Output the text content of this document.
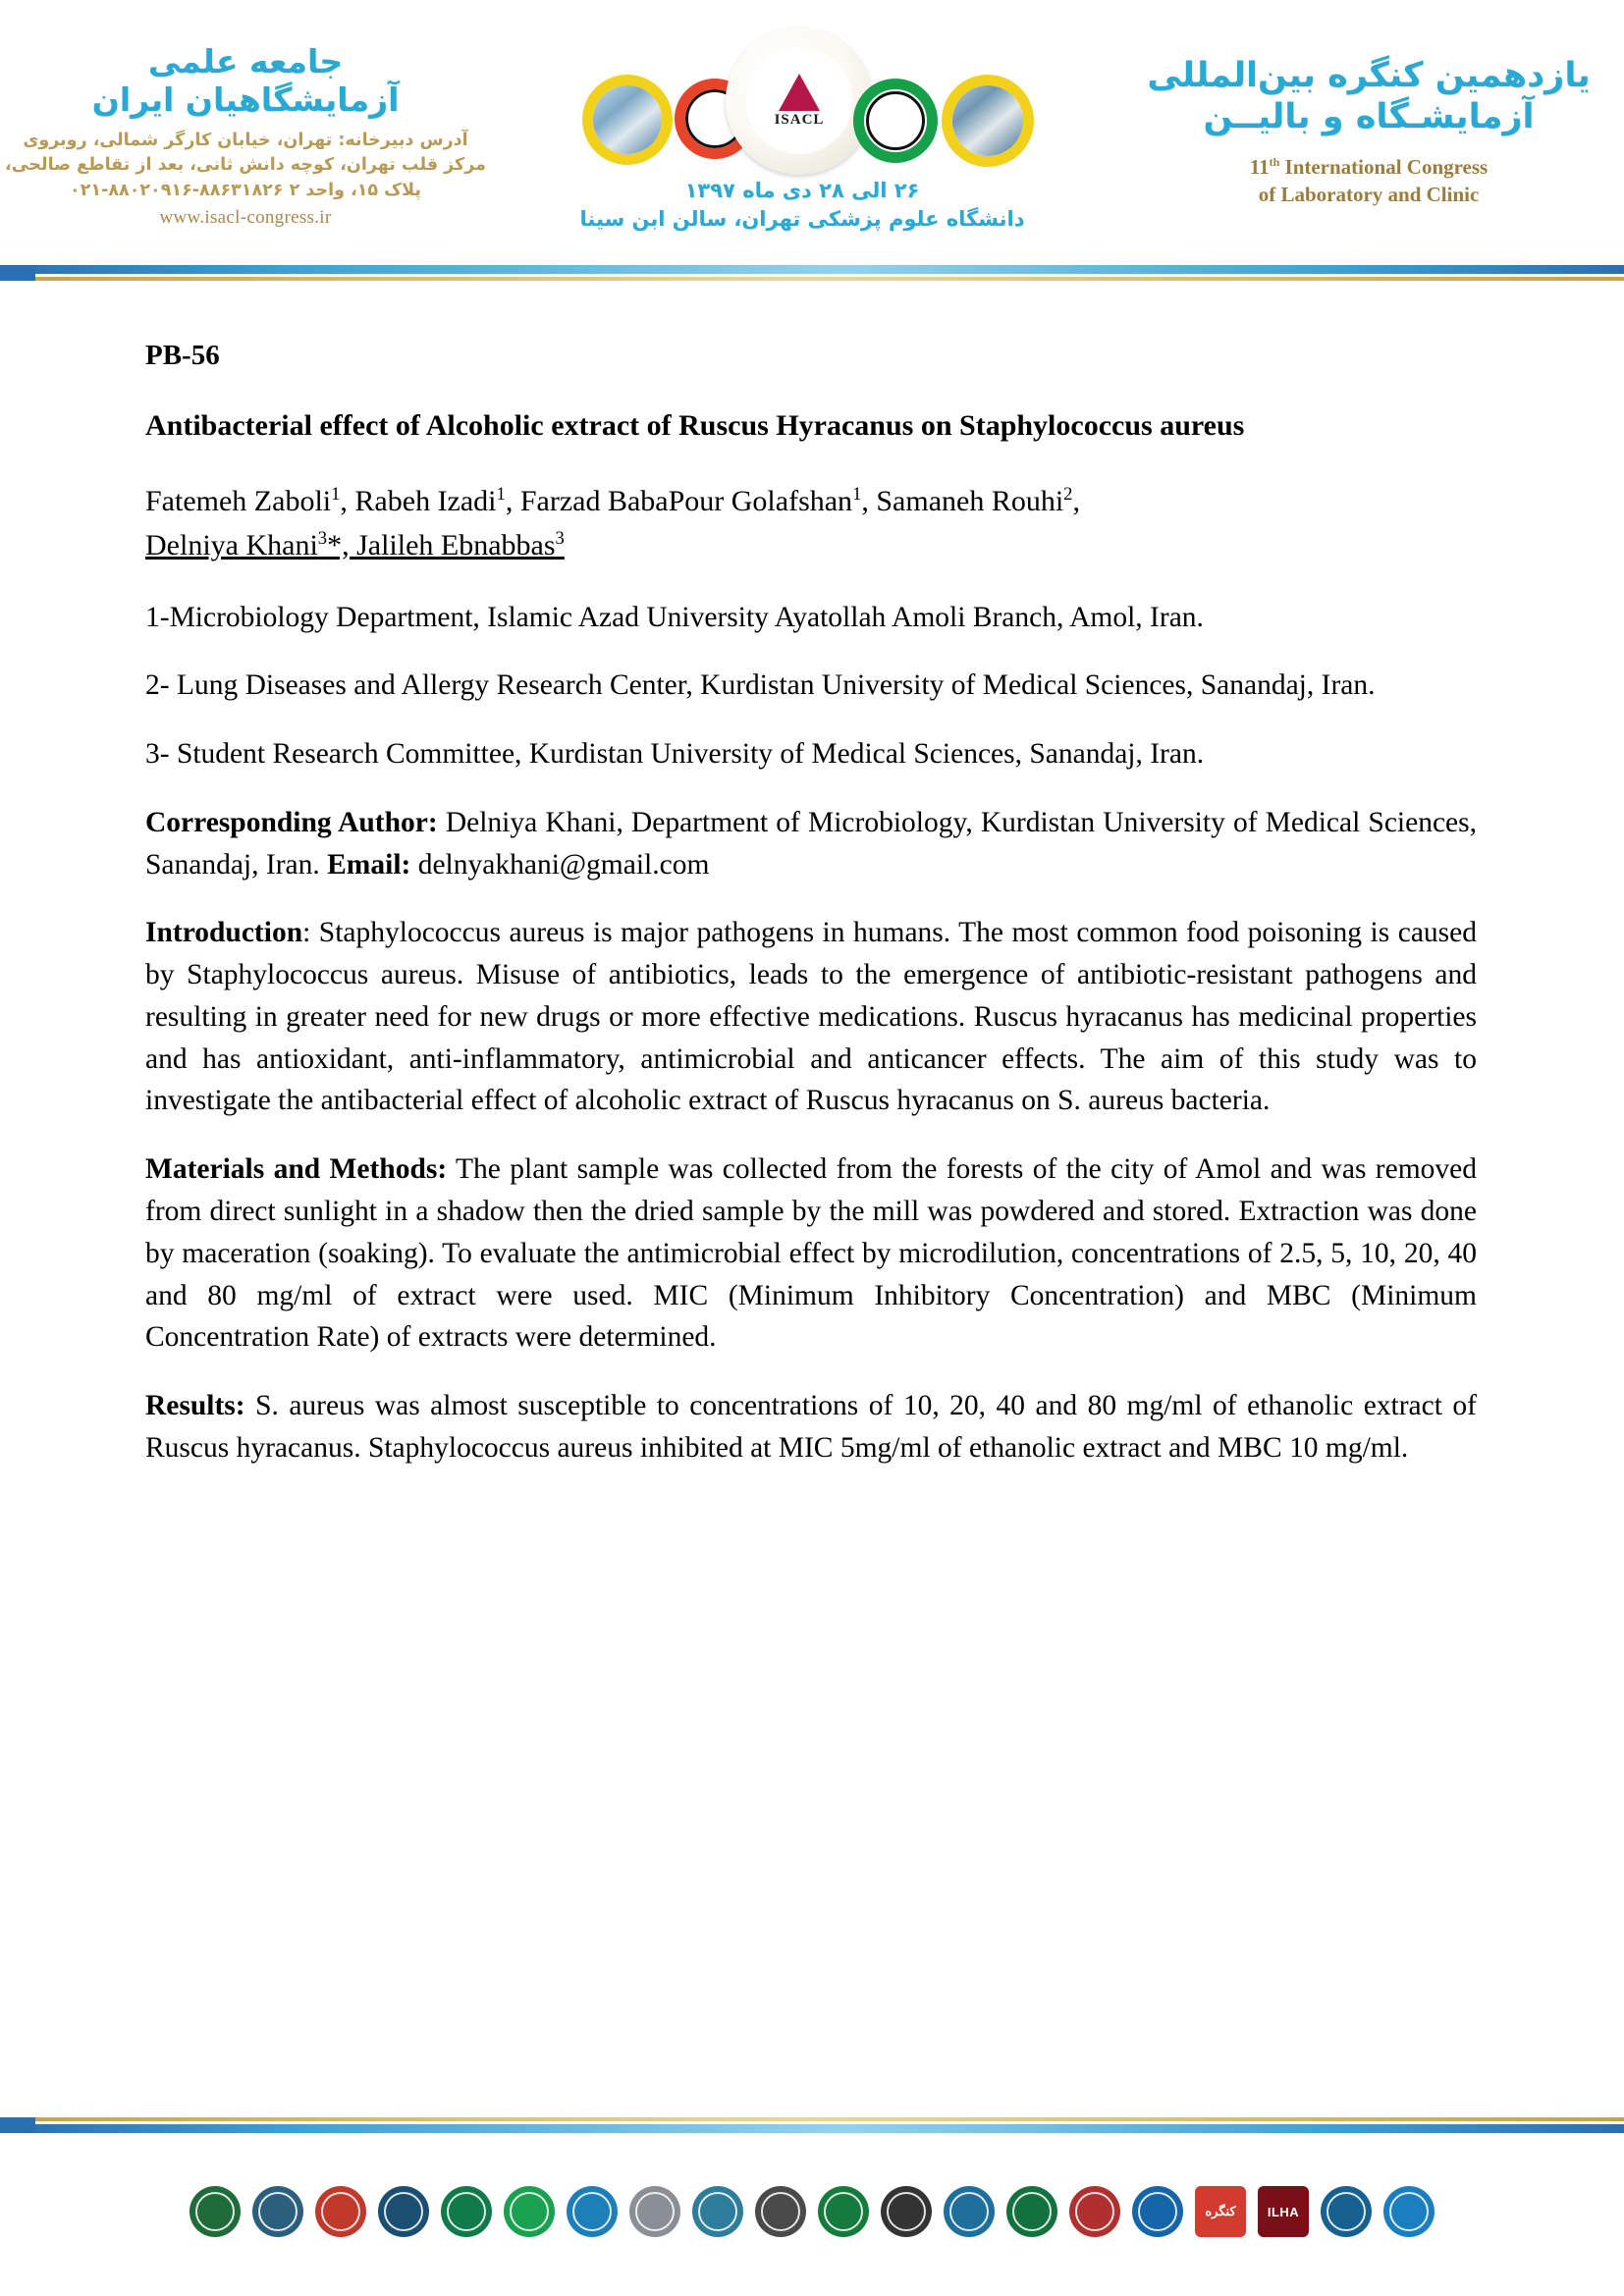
جامعه علمی
آزمایشگاهیان ایران
آدرس دبیرخانه: تهران، خیابان کارگر شمالی، روبروی
مرکز قلب تهران، کوچه دانش ثانی، بعد از تقاطع صالحی،
پلاک ۱۵، واحد ۲ ۸۸۶۳۱۸۲۶-۸۸۰۲۰۹۱۶-۰۲۱
www.isacl-congress.ir
ISACL
۲۶ الی ۲۸ دی ماه ۱۳۹۷
دانشگاه علوم پزشکی تهران، سالن ابن سینا
یازدهمین کنگره بین‌المللی
آزمایشـگاه و بالیــن
11th International Congress
of Laboratory and Clinic
PB-56
Antibacterial effect of Alcoholic extract of Ruscus Hyracanus on Staphylococcus aureus
Fatemeh Zaboli$^1$, Rabeh Izadi$^1$, Farzad BabaPour Golafshan$^1$, Samaneh Rouhi$^2$,
Delniya Khani$^3$*, Jalileh Ebnabbas$^3$

1-Microbiology Department, Islamic Azad University Ayatollah Amoli Branch, Amol, Iran.

2- Lung Diseases and Allergy Research Center, Kurdistan University of Medical Sciences, Sanandaj, Iran.

3- Student Research Committee, Kurdistan University of Medical Sciences, Sanandaj, Iran.

Corresponding Author: Delniya Khani, Department of Microbiology, Kurdistan University of Medical Sciences, Sanandaj, Iran. Email: delnyakhani@gmail.com

Introduction: Staphylococcus aureus is major pathogens in humans. The most common food poisoning is caused by Staphylococcus aureus. Misuse of antibiotics, leads to the emergence of antibiotic-resistant pathogens and resulting in greater need for new drugs or more effective medications. Ruscus hyracanus has medicinal properties and has antioxidant, anti-inflammatory, antimicrobial and anticancer effects. The aim of this study was to investigate the antibacterial effect of alcoholic extract of Ruscus hyracanus on S. aureus bacteria.

Materials and Methods: The plant sample was collected from the forests of the city of Amol and was removed from direct sunlight in a shadow then the dried sample by the mill was powdered and stored. Extraction was done by maceration (soaking). To evaluate the antimicrobial effect by microdilution, concentrations of 2.5, 5, 10, 20, 40 and 80 mg/ml of extract were used. MIC (Minimum Inhibitory Concentration) and MBC (Minimum Concentration Rate) of extracts were determined.

Results: S. aureus was almost susceptible to concentrations of 10, 20, 40 and 80 mg/ml of ethanolic extract of Ruscus hyracanus. Staphylococcus aureus inhibited at MIC 5mg/ml of ethanolic extract and MBC 10 mg/ml.

کنگره ILHA
